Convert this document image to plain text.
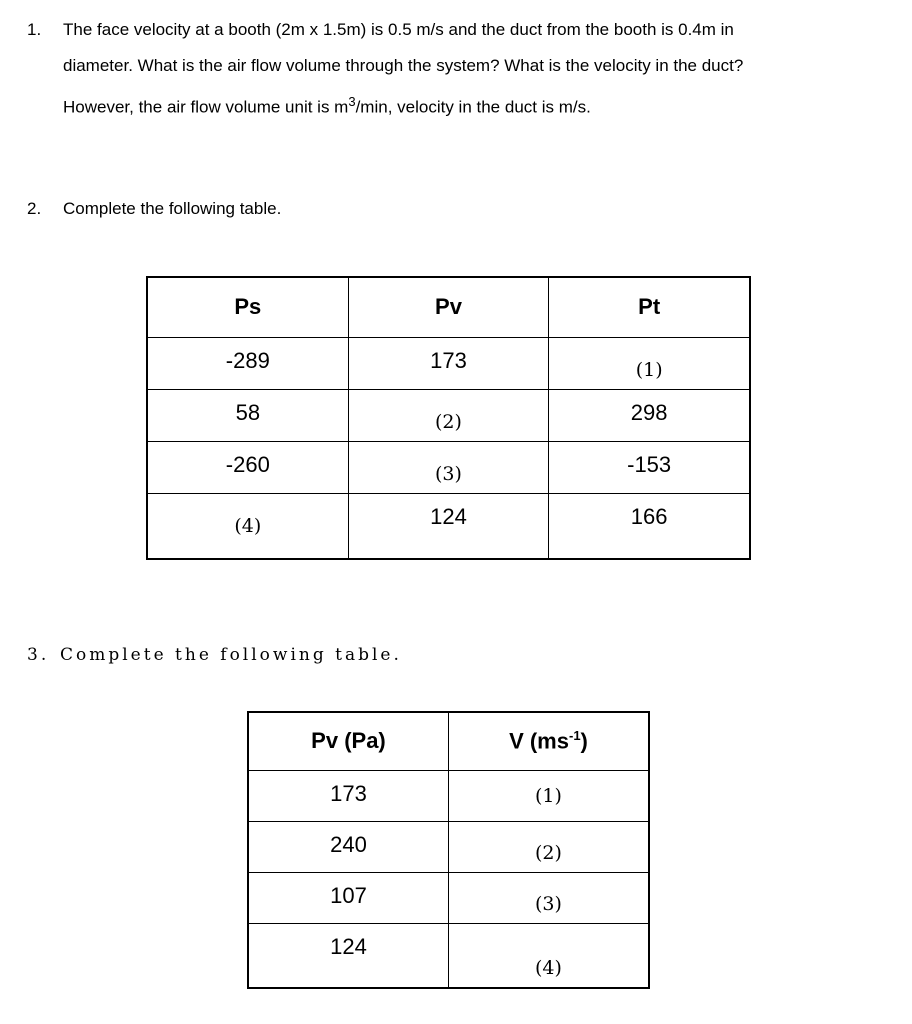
1. The face velocity at a booth (2m x 1.5m) is 0.5 m/s and the duct from the booth is 0.4m in
diameter. What is the air flow volume through the system? What is the velocity in the duct?
However, the air flow volume unit is $m^3/\min$, velocity in the duct is m/s.
2. Complete the following table.
Ps	Pv	Pt
-289	173	(1)
58	(2)	298
-260	(3)	-153
(4)	124	166
3. Complete the following table.
Pv (Pa)	V $(ms^{-1})$
173	(1)
240	(2)
107	(3)
124	(4)
